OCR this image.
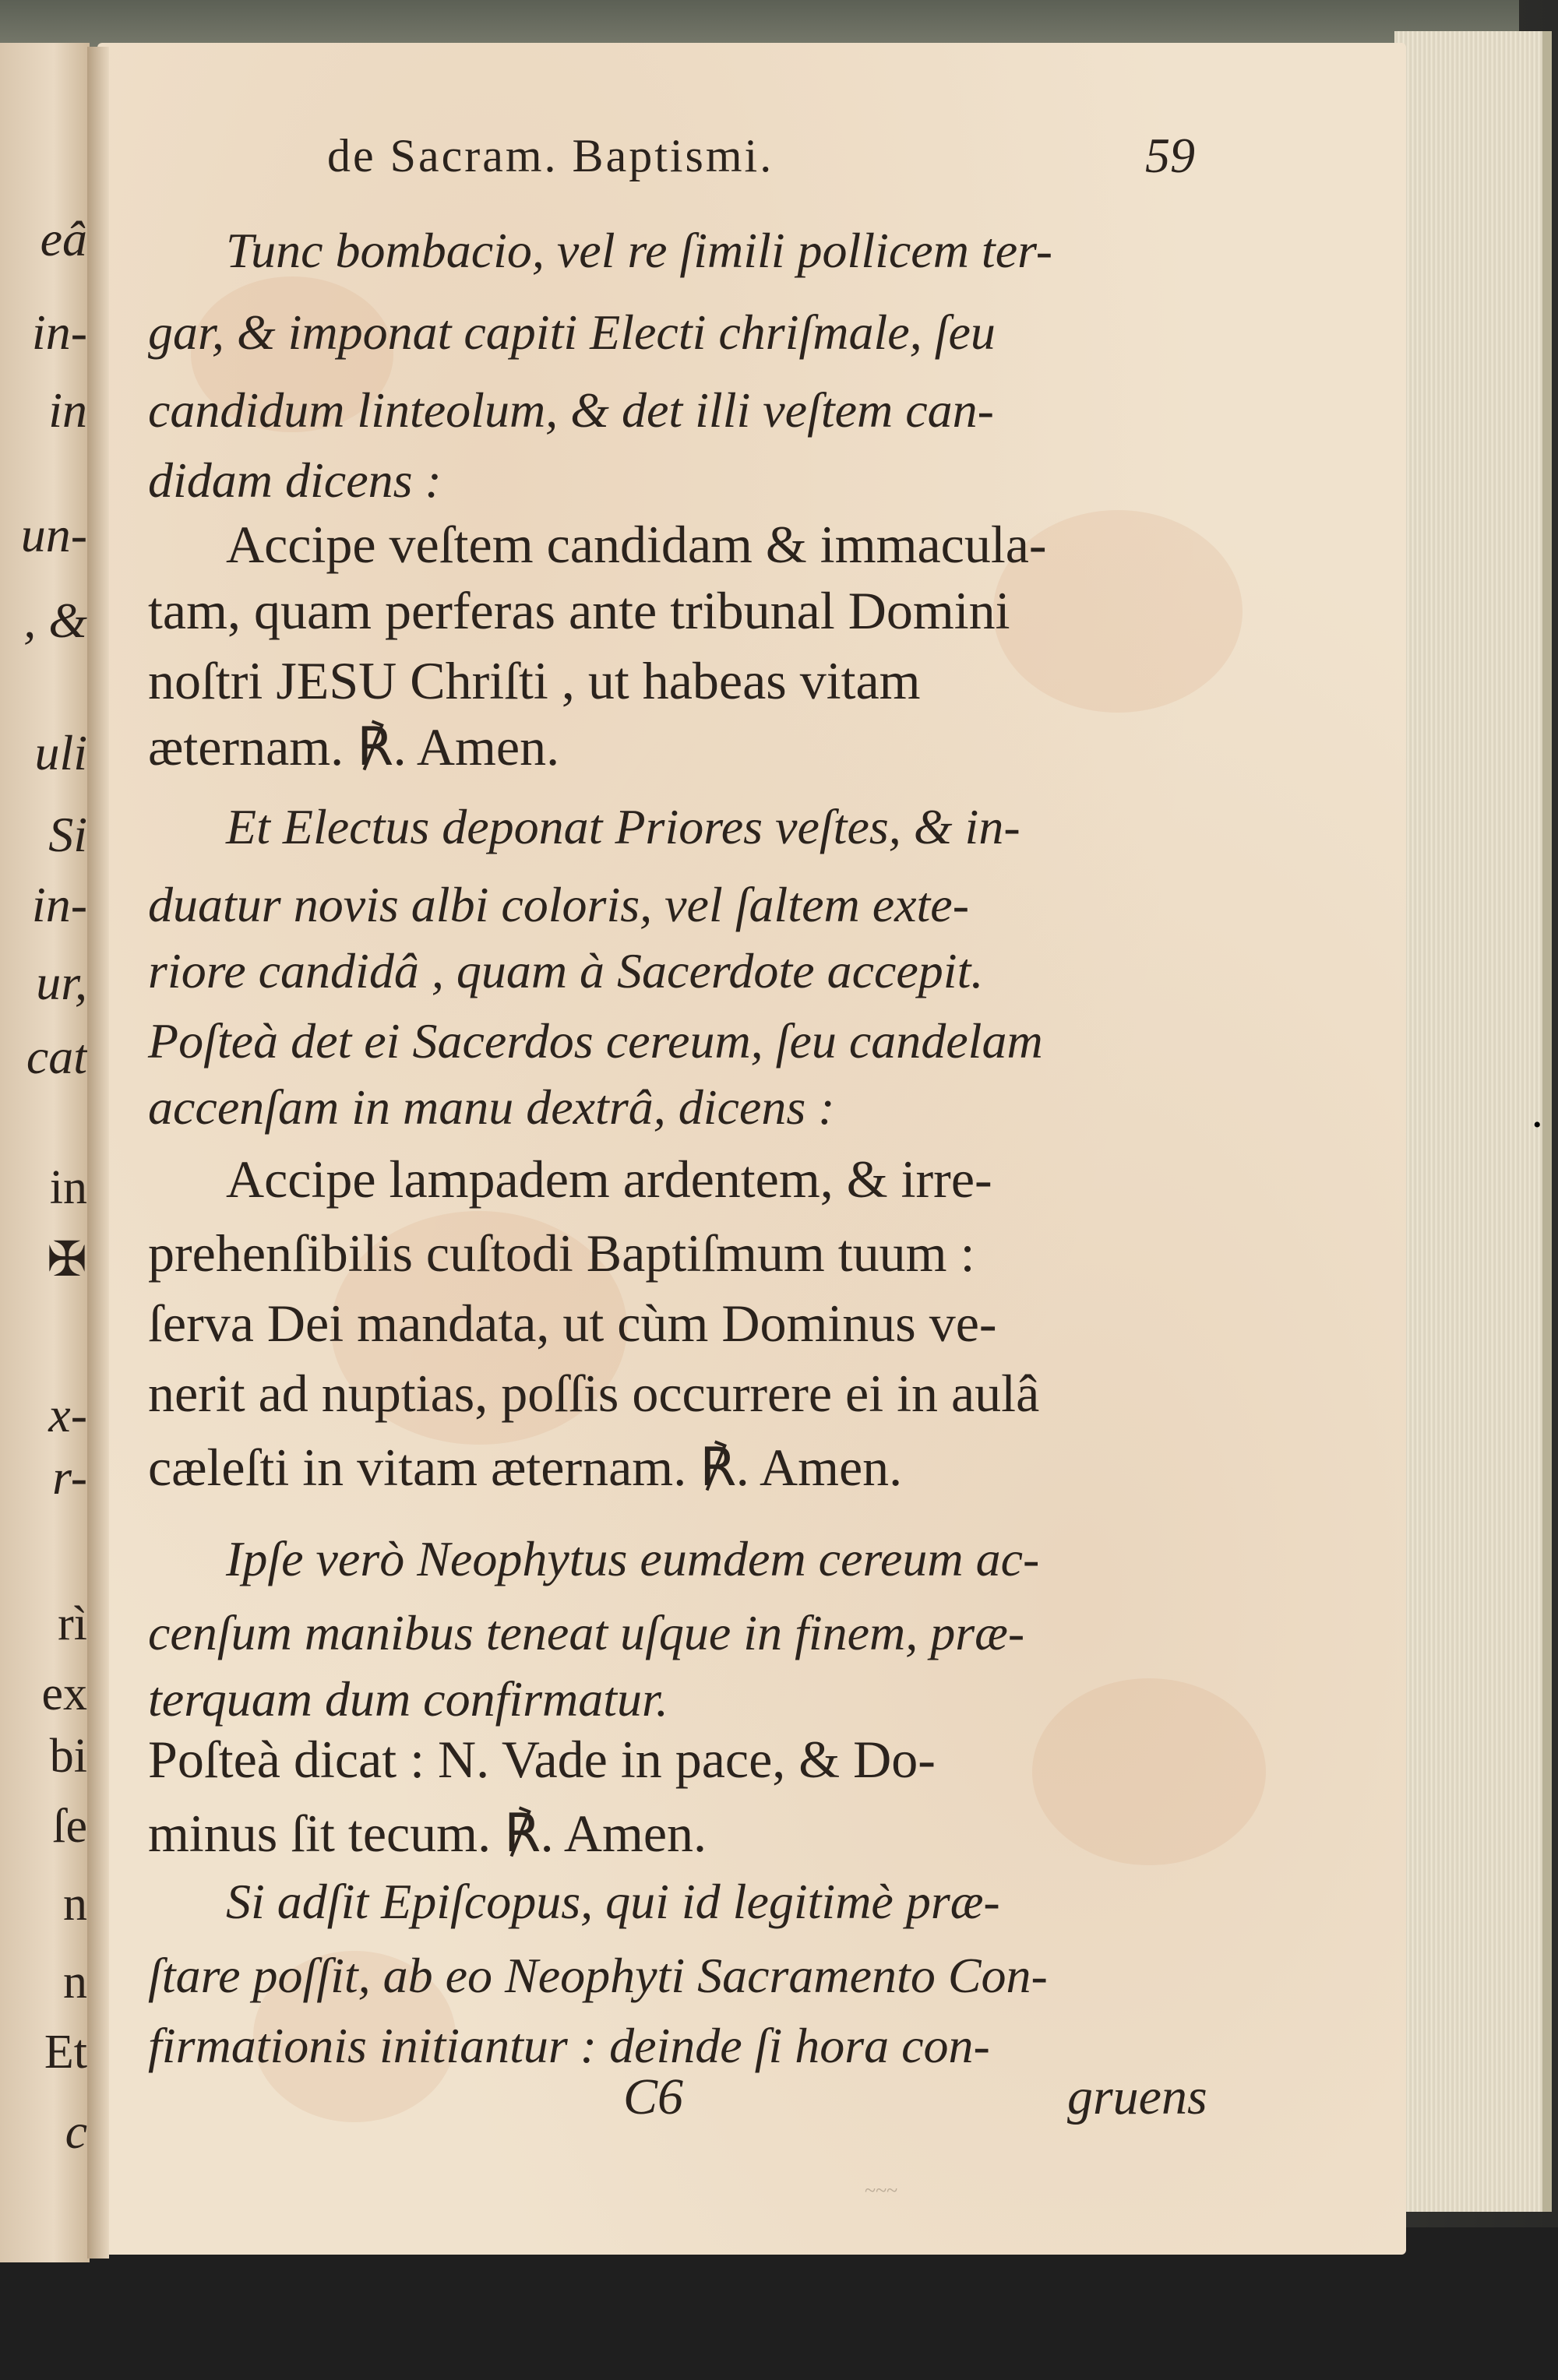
eâ
in-
in
un-
, &
uli
Si
in-
ur,
cat
in
✠
x-
r-
rì
ex
bi
ſe
n
n
Et
c
de Sacram. Baptismi.	59
Tunc bombacio, vel re ſimili pollicem ter-
gar, & imponat capiti Electi chriſmale, ſeu
candidum linteolum, & det illi veſtem can-
didam dicens :
Accipe veſtem candidam & immacula-
tam, quam perferas ante tribunal Domini
noſtri JESU Chriſti , ut habeas vitam
æternam. ℟. Amen.
Et Electus deponat Priores veſtes, & in-
duatur novis albi coloris, vel ſaltem exte-
riore candidâ , quam à Sacerdote accepit.
Poſteà det ei Sacerdos cereum, ſeu candelam
accenſam in manu dextrâ, dicens :
Accipe lampadem ardentem, & irre-
prehenſibilis cuſtodi Baptiſmum tuum :
ſerva Dei mandata, ut cùm Dominus ve-
nerit ad nuptias, poſſis occurrere ei in aulâ
cæleſti in vitam æternam. ℟. Amen.
Ipſe verò Neophytus eumdem cereum ac-
cenſum manibus teneat uſque in finem, præ-
terquam dum confirmatur.
Poſteà dicat : N. Vade in pace, & Do-
minus ſit tecum. ℟. Amen.
Si adſit Epiſcopus, qui id legitimè præ-
ſtare poſſit, ab eo Neophyti Sacramento Con-
firmationis initiantur : deinde ſi hora con-
C6	gruens
~~~
•
